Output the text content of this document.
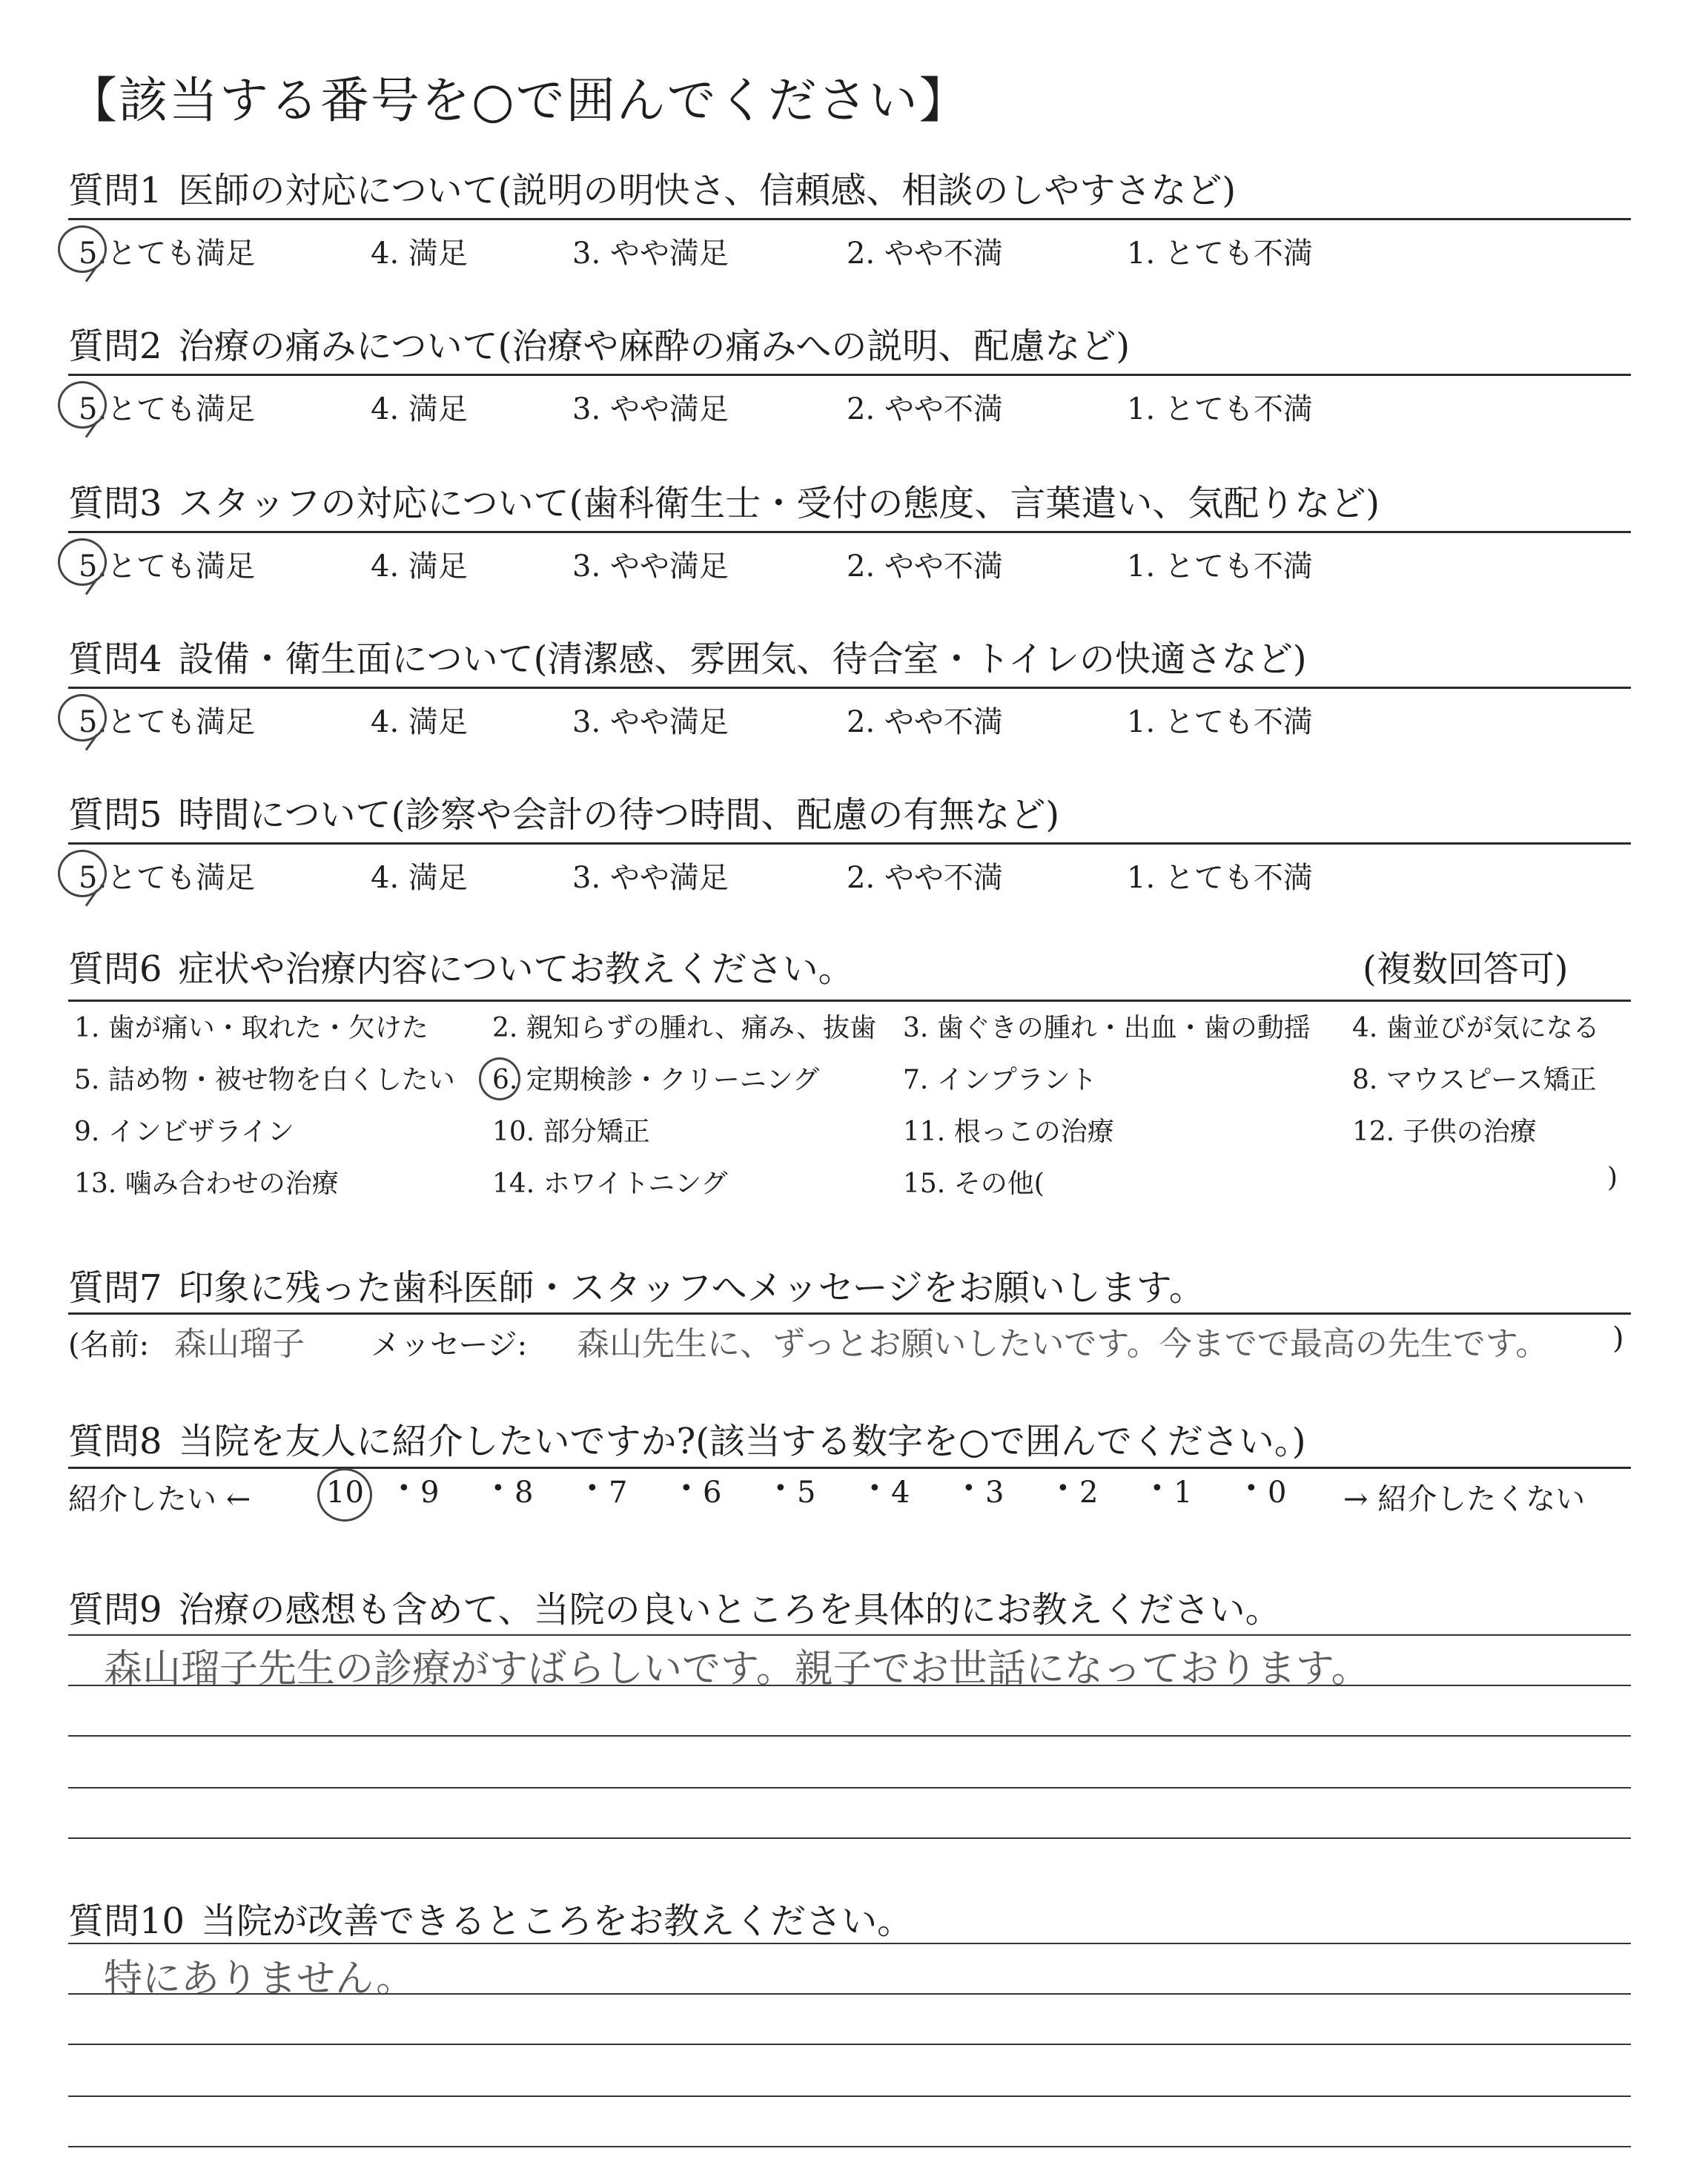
【該当する番号を○で囲んでください】
質問1 医師の対応について(説明の明快さ、信頼感、相談のしやすさなど)
5.とても満足	4. 満足	3. やや満足	2. やや不満	1. とても不満
質問2 治療の痛みについて(治療や麻酔の痛みへの説明、配慮など)
5.とても満足	4. 満足	3. やや満足	2. やや不満	1. とても不満
質問3 スタッフの対応について(歯科衛生士・受付の態度、言葉遣い、気配りなど)
5.とても満足	4. 満足	3. やや満足	2. やや不満	1. とても不満
質問4 設備・衛生面について(清潔感、雰囲気、待合室・トイレの快適さなど)
5.とても満足	4. 満足	3. やや満足	2. やや不満	1. とても不満
質問5 時間について(診察や会計の待つ時間、配慮の有無など)
5.とても満足	4. 満足	3. やや満足	2. やや不満	1. とても不満
質問6 症状や治療内容についてお教えください。	(複数回答可)
1. 歯が痛い・取れた・欠けた 2. 親知らずの腫れ、痛み、抜歯 3. 歯ぐきの腫れ・出血・歯の動揺 4. 歯並びが気になる
5. 詰め物・被せ物を白くしたい 6. 定期検診・クリーニング	7. インプラント	8. マウスピース矯正
9. インビザライン	10. 部分矯正	11. 根っこの治療	12. 子供の治療
13. 噛み合わせの治療	14. ホワイトニング	15. その他(	)
質問7 印象に残った歯科医師・スタッフへメッセージをお願いします。
(名前: 森山瑠子 メッセージ: 森山先生に、ずっとお願いしたいです。今までで最高の先生です。 )
質問8 当院を友人に紹介したいですか?(該当する数字を○で囲んでください。)
紹介したい ←	10 • 9 • 8 • 7 • 6 • 5 • 4 • 3 • 2 • 1 • 0 → 紹介したくない
質問9 治療の感想も含めて、当院の良いところを具体的にお教えください。
森山瑠子先生の診療がすばらしいです。親子でお世話になっております。
質問10 当院が改善できるところをお教えください。
特にありません。
